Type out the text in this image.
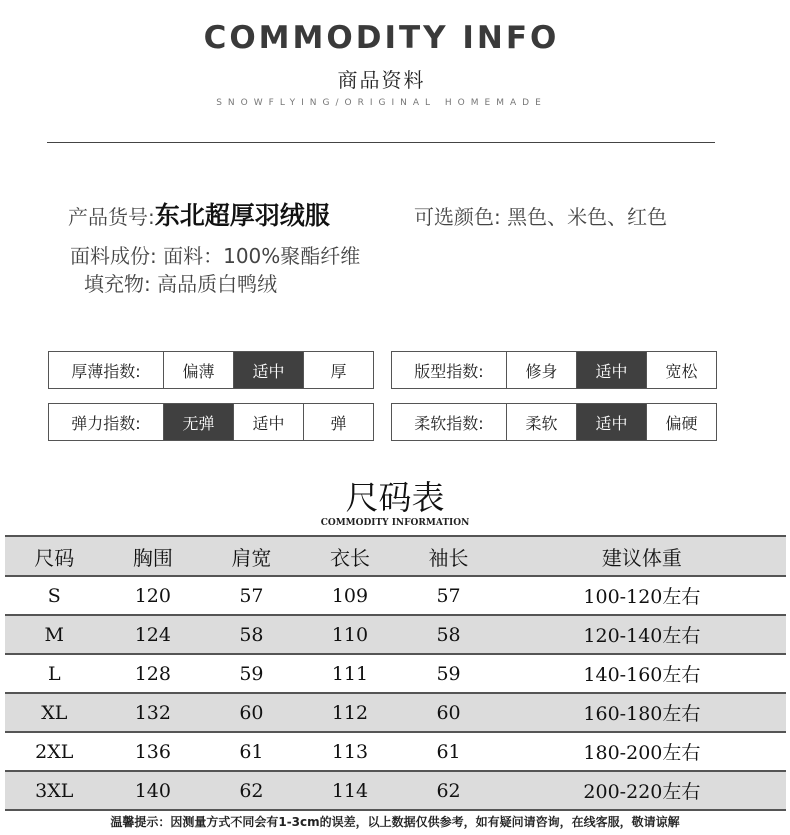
COMMODITY INFO
商品资料
SNOWFLYING/ORIGINAL HOMEMADE
产品货号:东北超厚羽绒服	可选颜色: 黑色、米色、红色
面料成份: 面料：100%聚酯纤维
填充物: 高品质白鸭绒
厚薄指数:	偏薄	适中	厚	版型指数:	修身	适中	宽松
弹力指数:	无弹	适中	弹	柔软指数:	柔软	适中	偏硬
尺码表
COMMODITY INFORMATION
尺码	胸围	肩宽	衣长	袖长	建议体重
S	120	57	109	57	100-120左右
M	124	58	110	58	120-140左右
L	128	59	111	59	140-160左右
XL	132	60	112	60	160-180左右
2XL	136	61	113	61	180-200左右
3XL	140	62	114	62	200-220左右
温馨提示：因测量方式不同会有1-3cm的误差，以上数据仅供参考，如有疑问请咨询，在线客服，敬请谅解
